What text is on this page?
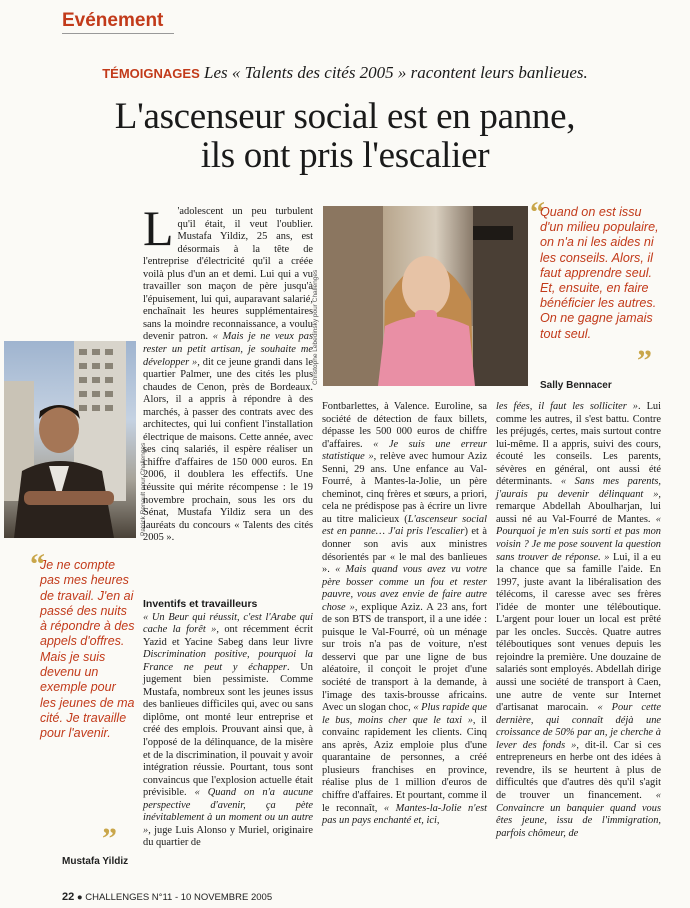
Evénement
TÉMOIGNAGES Les « Talents des cités 2005 » racontent leurs banlieues.
L'ascenseur social est en panne,
ils ont pris l'escalier
Patrick Renault pour Challenges
Christophe Lebedinsky pour Challenges
Sally Bennacer
“
Je ne compte pas mes heures de travail. J'en ai passé des nuits à répondre à des appels d'offres. Mais je suis devenu un exemple pour les jeunes de ma cité. Je travaille pour l'avenir.
”
Mustafa Yildiz
“
Quand on est issu d'un milieu populaire, on n'a ni les aides ni les conseils. Alors, il faut apprendre seul. Et, ensuite, en faire bénéficier les autres. On ne gagne jamais tout seul.
”

L 'adolescent un peu turbulent qu'il était, il veut l'oublier. Mustafa Yildiz, 25 ans, est désormais à la tête de l'entreprise d'électricité qu'il a créée voilà plus d'un an et demi. Lui qui a vu travailler son maçon de père jusqu'à l'épuisement, lui qui, auparavant salarié, enchaînait les heures supplémentaires sans la moindre reconnaissance, a voulu devenir patron. « Mais je ne veux pas rester un petit artisan, je souhaite me développer », dit ce jeune grandi dans le quartier Palmer, une des cités les plus chaudes de Cenon, près de Bordeaux. Alors, il a appris à répondre à des marchés, à passer des contrats avec des architectes, qui lui confient l'installation électrique de maisons. Cette année, avec ses cinq salariés, il espère réaliser un chiffre d'affaires de 150 000 euros. En 2006, il doublera les effectifs. Une réussite qui mérite récompense : le 19 novembre prochain, sous les ors du Sénat, Mustafa Yildiz sera un des lauréats du concours « Talents des cités 2005 ».

Inventifs et travailleurs

« Un Beur qui réussit, c'est l'Arabe qui cache la forêt », ont récemment écrit Yazid et Yacine Sabeg dans leur livre Discrimination positive, pourquoi la France ne peut y échapper. Un jugement bien pessimiste. Comme Mustafa, nombreux sont les jeunes issus des banlieues difficiles qui, avec ou sans diplôme, ont monté leur entreprise et créé des emplois. Prouvant ainsi que, à l'opposé de la délinquance, de la misère et de la discrimination, il pouvait y avoir intégration réussie. Pourtant, tous sont convaincus que l'explosion actuelle était prévisible. « Quand on n'a aucune perspective d'avenir, ça pète inévitablement à un moment ou un autre », juge Luis Alonso y Muriel, originaire du quartier de

Fontbarlettes, à Valence. Euroline, sa société de détection de faux billets, dépasse les 500 000 euros de chiffre d'affaires. « Je suis une erreur statistique », relève avec humour Aziz Senni, 29 ans. Une enfance au Val-Fourré, à Mantes-la-Jolie, un père cheminot, cinq frères et sœurs, a priori, cela ne prédispose pas à écrire un livre au titre malicieux (L'ascenseur social est en panne… J'ai pris l'escalier) et à donner son avis aux ministres désorientés par « le mal des banlieues ». « Mais quand vous avez vu votre père bosser comme un fou et rester pauvre, vous avez envie de faire autre chose », explique Aziz. A 23 ans, fort de son BTS de transport, il a une idée : puisque le Val-Fourré, où un ménage sur trois n'a pas de voiture, n'est desservi que par une ligne de bus aléatoire, il conçoit le projet d'une société de transport à la demande, à l'image des taxis-brousse africains. Avec un slogan choc, « Plus rapide que le bus, moins cher que le taxi », il convainc rapidement les clients. Cinq ans après, Aziz emploie plus d'une quarantaine de personnes, a créé plusieurs franchises en province, réalise plus de 1 million d'euros de chiffre d'affaires. Et pourtant, comme il le reconnaît, « Mantes-la-Jolie n'est pas un pays enchanté et, ici,

les fées, il faut les solliciter ». Lui comme les autres, il s'est battu. Contre les préjugés, certes, mais surtout contre lui-même. Il a appris, suivi des cours, écouté les conseils. Les parents, sévères en général, ont aussi été déterminants. « Sans mes parents, j'aurais pu devenir délinquant », remarque Abdellah Aboulharjan, lui aussi né au Val-Fourré de Mantes. « Pourquoi je m'en suis sorti et pas mon voisin ? Je me pose souvent la question sans trouver de réponse. » Lui, il a eu la chance que sa famille l'aide. En 1997, juste avant la libéralisation des télécoms, il caresse avec ses frères l'idée de monter une téléboutique. L'argent pour louer un local est prêté par les oncles. Succès. Quatre autres téléboutiques sont venues depuis les rejoindre la première. Une douzaine de salariés sont employés. Abdellah dirige aussi une société de transport à Caen, une autre de vente sur Internet d'artisanat marocain. « Pour cette dernière, qui connaît déjà une croissance de 50% par an, je cherche à lever des fonds », dit-il. Car si ces entrepreneurs en herbe ont des idées à revendre, ils se heurtent à plus de difficultés que d'autres dès qu'il s'agit de trouver un financement. « Convaincre un banquier quand vous êtes jeune, issu de l'immigration, parfois chômeur, de

22 ● CHALLENGES N°11 - 10 NOVEMBRE 2005
